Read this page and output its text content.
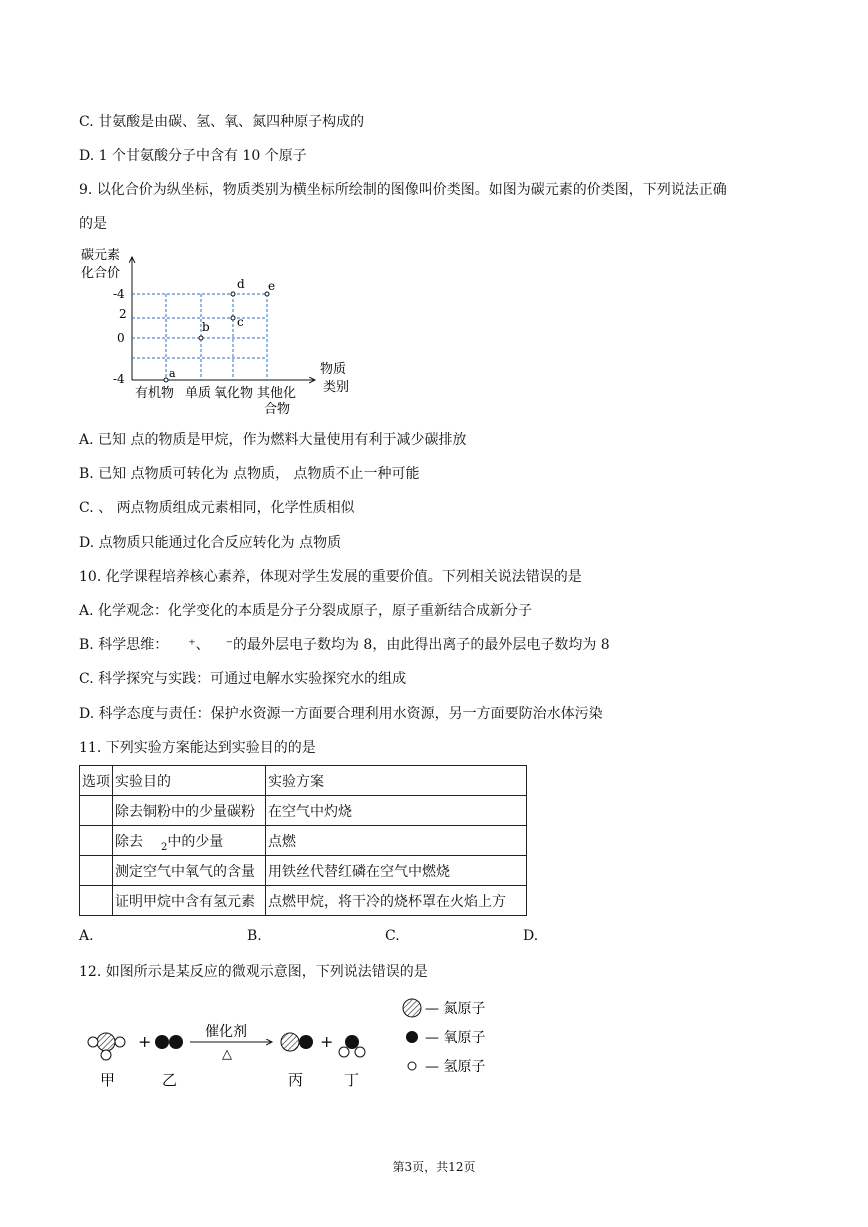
C. 甘氨酸是由碳、氢、氧、氮四种原子构成的
D. 1 个甘氨酸分子中含有 10 个原子
9. 以化合价为纵坐标，物质类别为横坐标所绘制的图像叫价类图。如图为碳元素的价类图，下列说法正确
的是
碳元素
化合价
-4
2
0
-4	a
b c
d e
有机物 单质 氧化物 其他化
合物
物质
类别
A. 已知 点的物质是甲烷，作为燃料大量使用有利于减少碳排放
B. 已知 点物质可转化为 点物质， 点物质不止一种可能
C. 、 两点物质组成元素相同，化学性质相似
D. 点物质只能通过化合反应转化为 点物质
10. 化学课程培养核心素养，体现对学生发展的重要价值。下列相关说法错误的是
A. 化学观念：化学变化的本质是分子分裂成原子，原子重新结合成新分子
B. 科学思维： ⁺、 ⁻的最外层电子数均为 8，由此得出离子的最外层电子数均为 8
C. 科学探究与实践：可通过电解水实验探究水的组成
D. 科学态度与责任：保护水资源一方面要合理利用水资源，另一方面要防治水体污染
11. 下列实验方案能达到实验目的的是
选项	实验目的	实验方案
	除去铜粉中的少量碳粉	在空气中灼烧
	除去 $_2$中的少量	点燃
	测定空气中氧气的含量	用铁丝代替红磷在空气中燃烧
	证明甲烷中含有氢元素	点燃甲烷，将干冷的烧杯罩在火焰上方
A.	B.	C.	D.
12. 如图所示是某反应的微观示意图，下列说法错误的是
+	催化剂
△
+
甲	乙	丙	丁
— 氮原子
— 氧原子
— 氢原子
第3页，共12页
